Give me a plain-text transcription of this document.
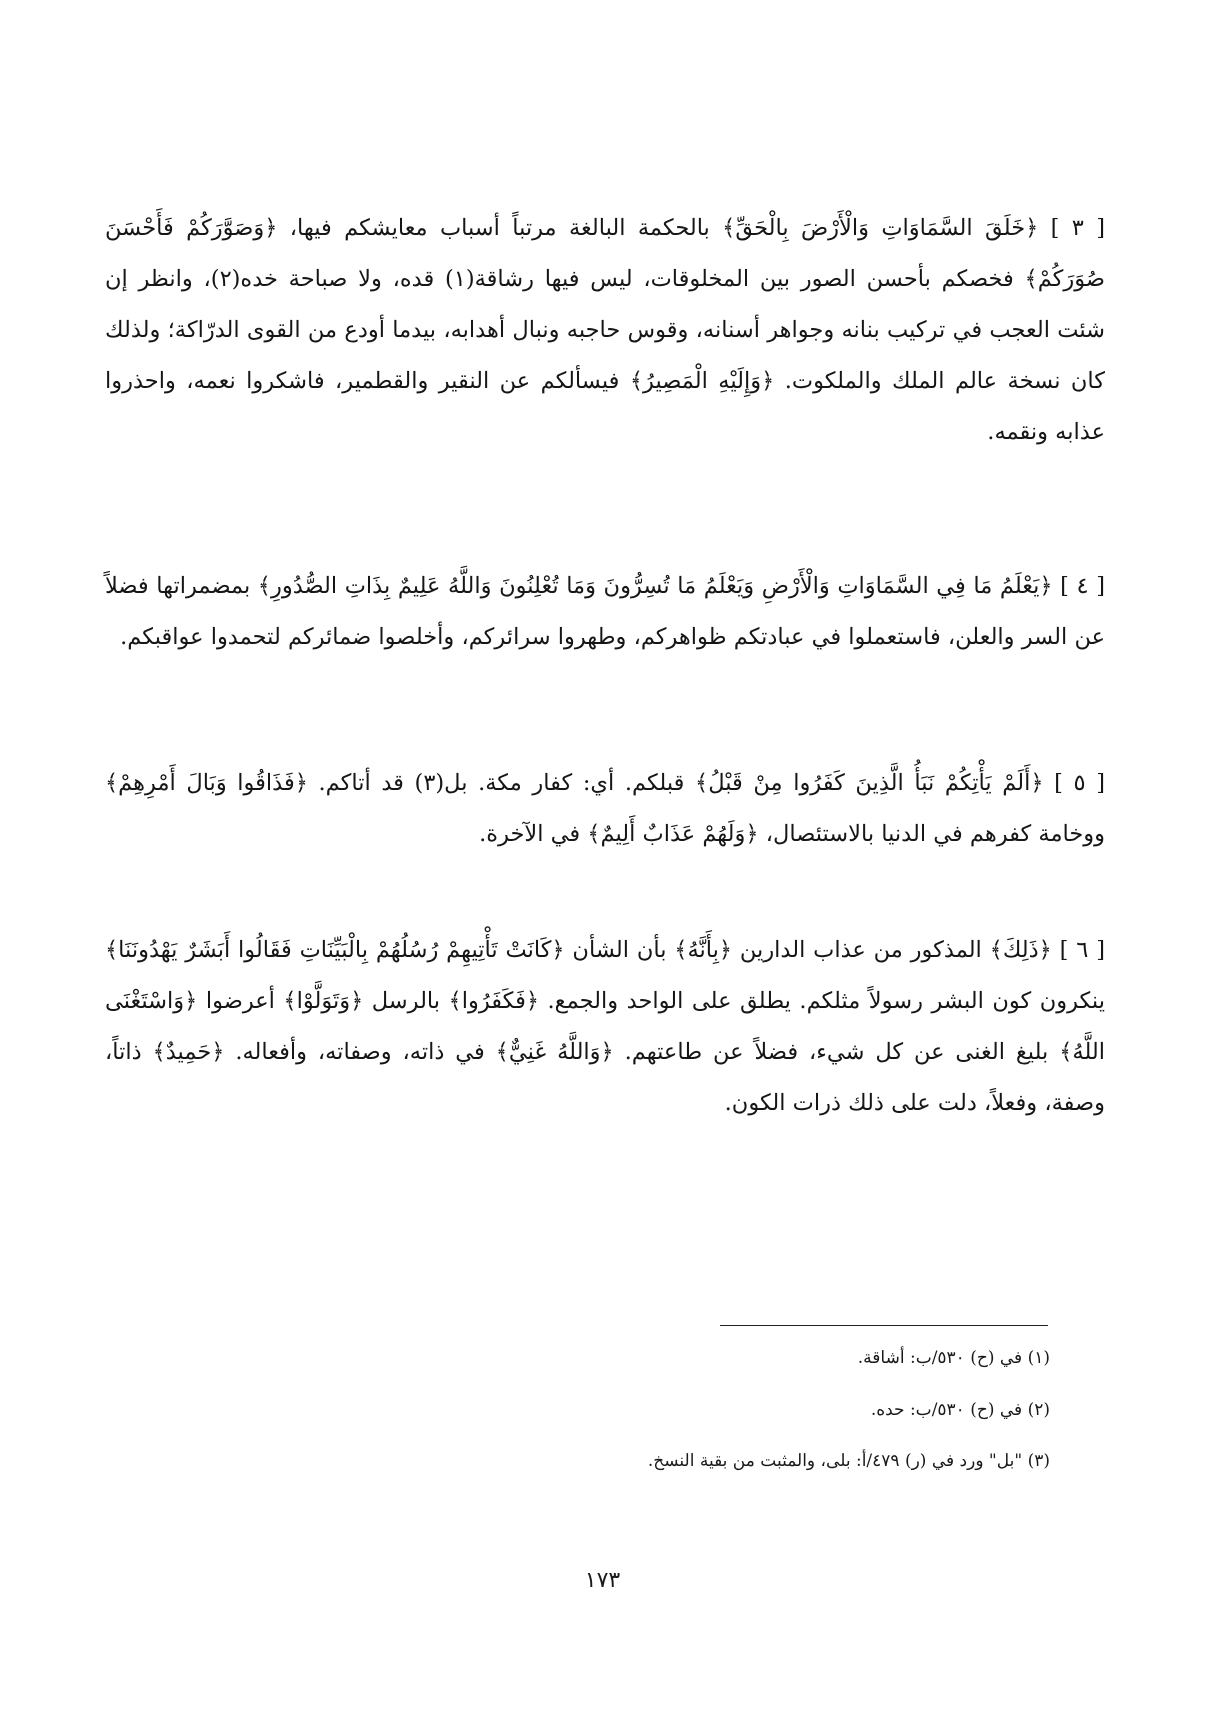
[ ٣ ] ﴿خَلَقَ السَّمَاوَاتِ وَالْأَرْضَ بِالْحَقِّ﴾ بالحكمة البالغة مرتباً أسباب معايشكم فيها، ﴿وَصَوَّرَكُمْ فَأَحْسَنَ صُوَرَكُمْ﴾ فخصكم بأحسن الصور بين المخلوقات، ليس فيها رشاقة(١) قده، ولا صباحة خده(٢)، وانظر إن شئت العجب في تركيب بنانه وجواهر أسنانه، وقوس حاجبه ونبال أهدابه، بيدما أودع من القوى الدرّاكة؛ ولذلك كان نسخة عالم الملك والملكوت. ﴿وَإِلَيْهِ الْمَصِيرُ﴾ فيسألكم عن النقير والقطمير، فاشكروا نعمه، واحذروا عذابه ونقمه.

[ ٤ ] ﴿يَعْلَمُ مَا فِي السَّمَاوَاتِ وَالْأَرْضِ وَيَعْلَمُ مَا تُسِرُّونَ وَمَا تُعْلِنُونَ وَاللَّهُ عَلِيمٌ بِذَاتِ الصُّدُورِ﴾ بمضمراتها فضلاً عن السر والعلن، فاستعملوا في عبادتكم ظواهركم، وطهروا سرائركم، وأخلصوا ضمائركم لتحمدوا عواقبكم.

[ ٥ ] ﴿أَلَمْ يَأْتِكُمْ نَبَأُ الَّذِينَ كَفَرُوا مِنْ قَبْلُ﴾ قبلكم. أي: كفار مكة. بل(٣) قد أتاكم. ﴿فَذَاقُوا وَبَالَ أَمْرِهِمْ﴾ ووخامة كفرهم في الدنيا بالاستئصال، ﴿وَلَهُمْ عَذَابٌ أَلِيمٌ﴾ في الآخرة.

[ ٦ ] ﴿ذَلِكَ﴾ المذكور من عذاب الدارين ﴿بِأَنَّهُ﴾ بأن الشأن ﴿كَانَتْ تَأْتِيهِمْ رُسُلُهُمْ بِالْبَيِّنَاتِ فَقَالُوا أَبَشَرٌ يَهْدُونَنَا﴾ ينكرون كون البشر رسولاً مثلكم. يطلق على الواحد والجمع. ﴿فَكَفَرُوا﴾ بالرسل ﴿وَتَوَلَّوْا﴾ أعرضوا ﴿وَاسْتَغْنَى اللَّهُ﴾ بليغ الغنى عن كل شيء، فضلاً عن طاعتهم. ﴿وَاللَّهُ غَنِيٌّ﴾ في ذاته، وصفاته، وأفعاله. ﴿حَمِيدٌ﴾ ذاتاً، وصفة، وفعلاً، دلت على ذلك ذرات الكون.

(١) في (ح) ٥٣٠/ب: أشاقة.
(٢) في (ح) ٥٣٠/ب: حده.
(٣) "بل" ورد في (ر) ٤٧٩/أ: بلى، والمثبت من بقية النسخ.
١٧٣
